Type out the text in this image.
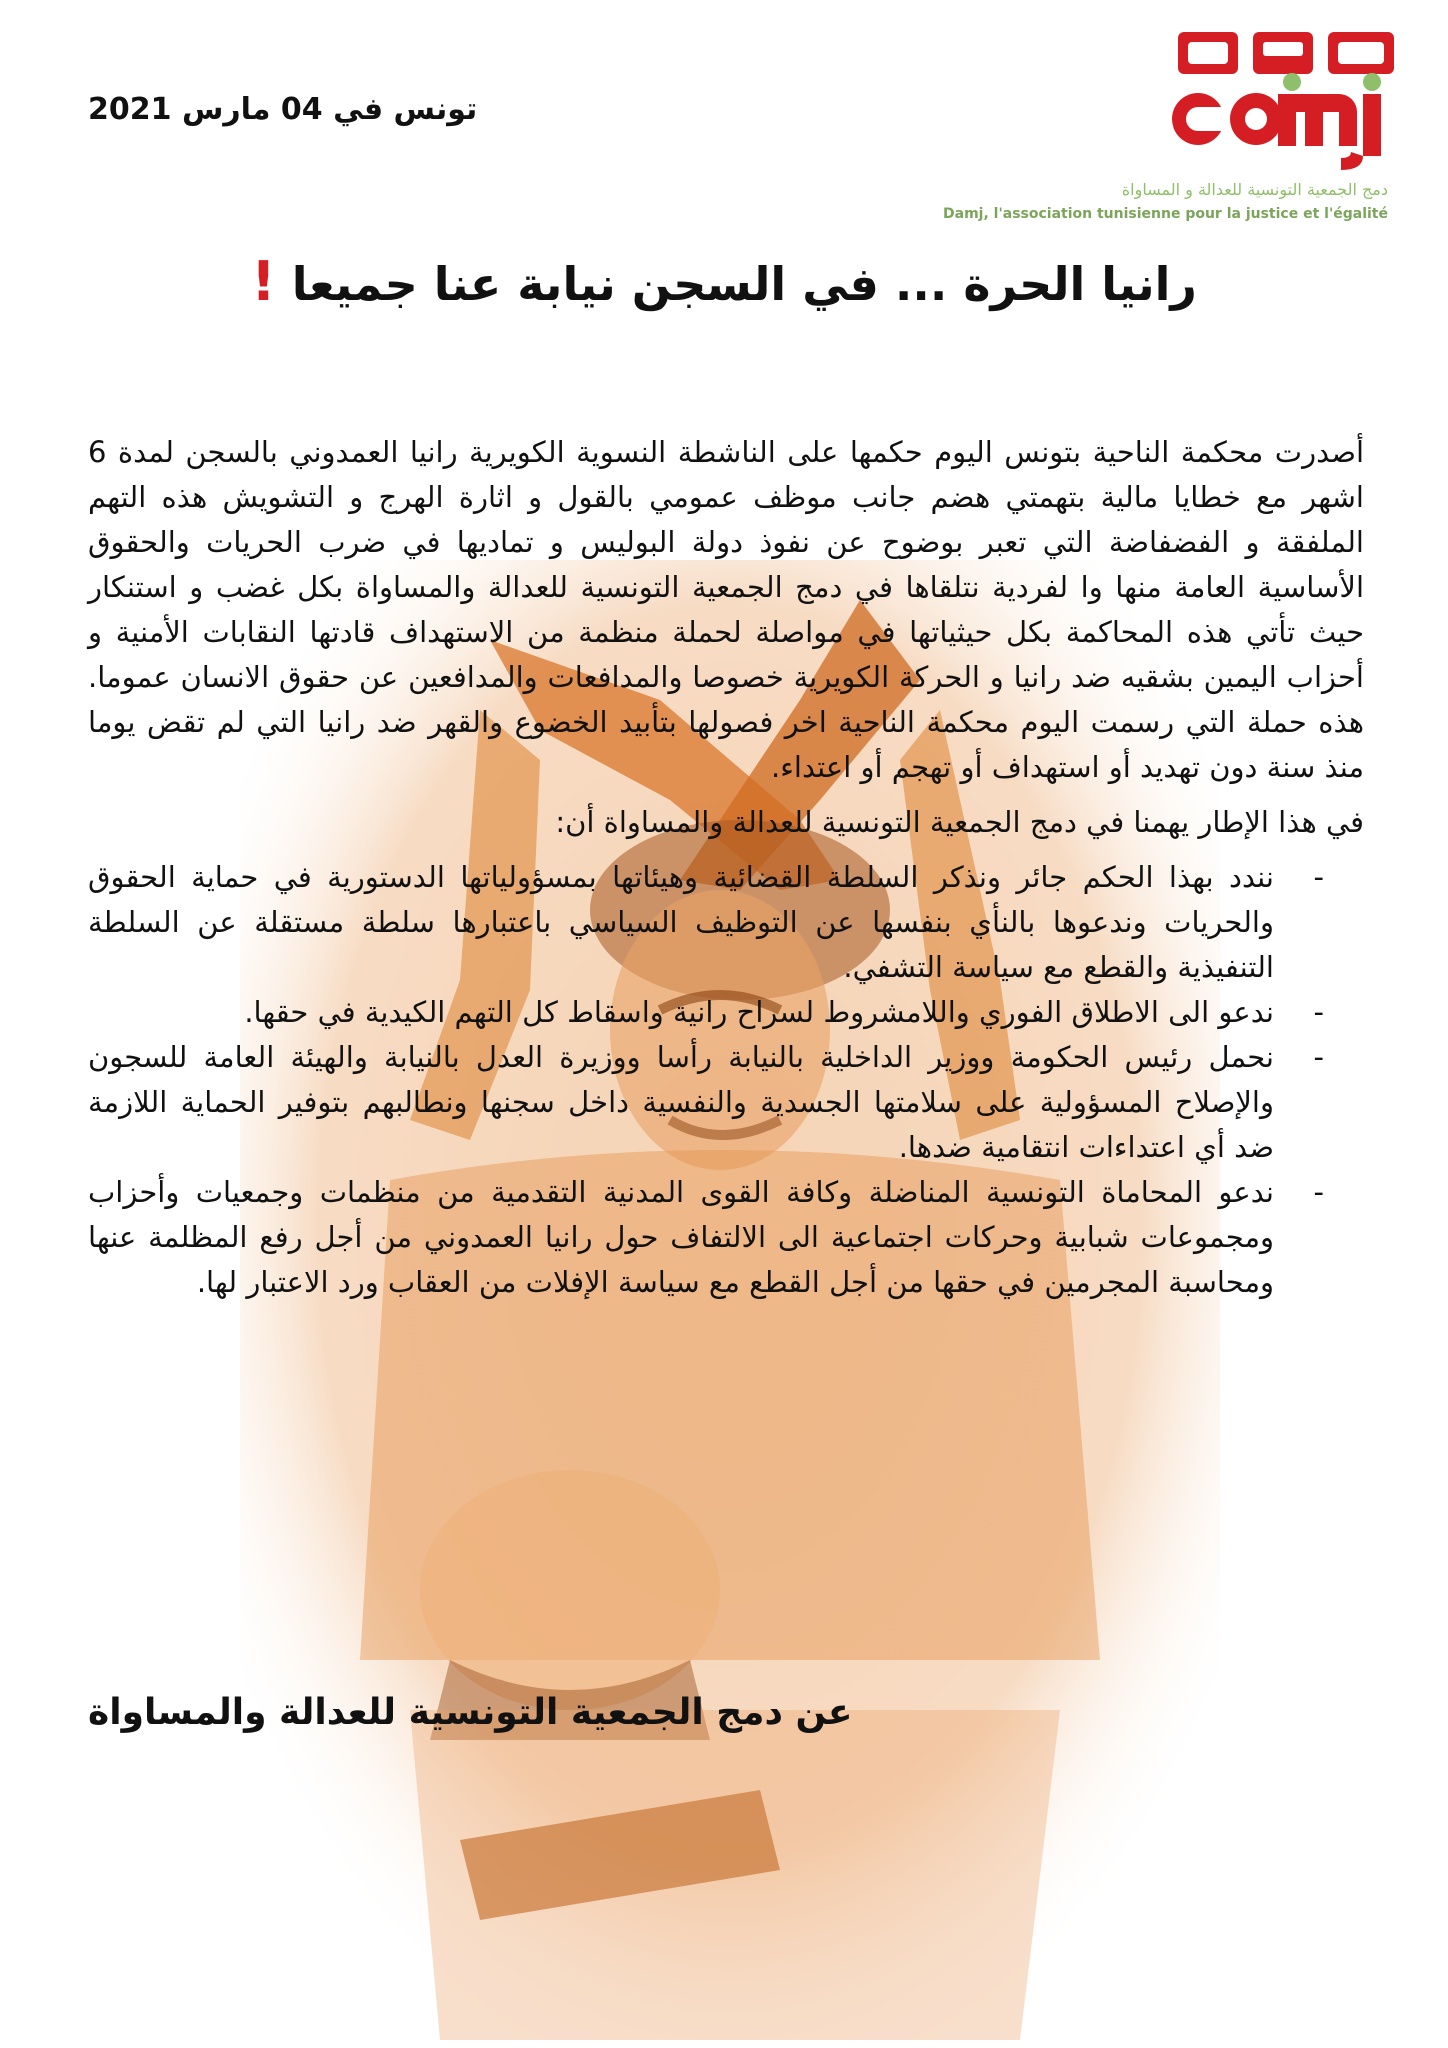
دمج الجمعية التونسية للعدالة و المساواة
Damj, l'association tunisienne pour la justice et l'égalité
تونس في 04 مارس 2021
رانيا الحرة ... في السجن نيابة عنا جميعا !

أصدرت محكمة الناحية بتونس اليوم حكمها على الناشطة النسوية الكويرية رانيا العمدوني بالسجن لمدة 6 اشهر مع خطايا مالية بتهمتي هضم جانب موظف عمومي بالقول و اثارة الهرج و التشويش هذه التهم الملفقة و الفضفاضة التي تعبر بوضوح عن نفوذ دولة البوليس و تماديها في ضرب الحريات والحقوق الأساسية العامة منها وا لفردية نتلقاها في دمج الجمعية التونسية للعدالة والمساواة بكل غضب و استنكار حيث تأتي هذه المحاكمة بكل حيثياتها في مواصلة لحملة منظمة من الاستهداف قادتها النقابات الأمنية و أحزاب اليمين بشقيه ضد رانيا و الحركة الكويرية خصوصا والمدافعات والمدافعين عن حقوق الانسان عموما. هذه حملة التي رسمت اليوم محكمة الناحية اخر فصولها بتأبيد الخضوع والقهر ضد رانيا التي لم تقض يوما منذ سنة دون تهديد أو استهداف أو تهجم أو اعتداء.

في هذا الإطار يهمنا في دمج الجمعية التونسية للعدالة والمساواة أن:

-
نندد بهذا الحكم جائر ونذكر السلطة القضائية وهيئاتها بمسؤولياتها الدستورية في حماية الحقوق والحريات وندعوها بالنأي بنفسها عن التوظيف السياسي باعتبارها سلطة مستقلة عن السلطة التنفيذية والقطع مع سياسة التشفي.
-
ندعو الى الاطلاق الفوري واللامشروط لسراح رانية واسقاط كل التهم الكيدية في حقها.
-
نحمل رئيس الحكومة ووزير الداخلية بالنيابة رأسا ووزيرة العدل بالنيابة والهيئة العامة للسجون والإصلاح المسؤولية على سلامتها الجسدية والنفسية داخل سجنها ونطالبهم بتوفير الحماية اللازمة ضد أي اعتداءات انتقامية ضدها.
-
ندعو المحاماة التونسية المناضلة وكافة القوى المدنية التقدمية من منظمات وجمعيات وأحزاب ومجموعات شبابية وحركات اجتماعية الى الالتفاف حول رانيا العمدوني من أجل رفع المظلمة عنها ومحاسبة المجرمين في حقها من أجل القطع مع سياسة الإفلات من العقاب ورد الاعتبار لها.
عن دمج الجمعية التونسية للعدالة والمساواة
